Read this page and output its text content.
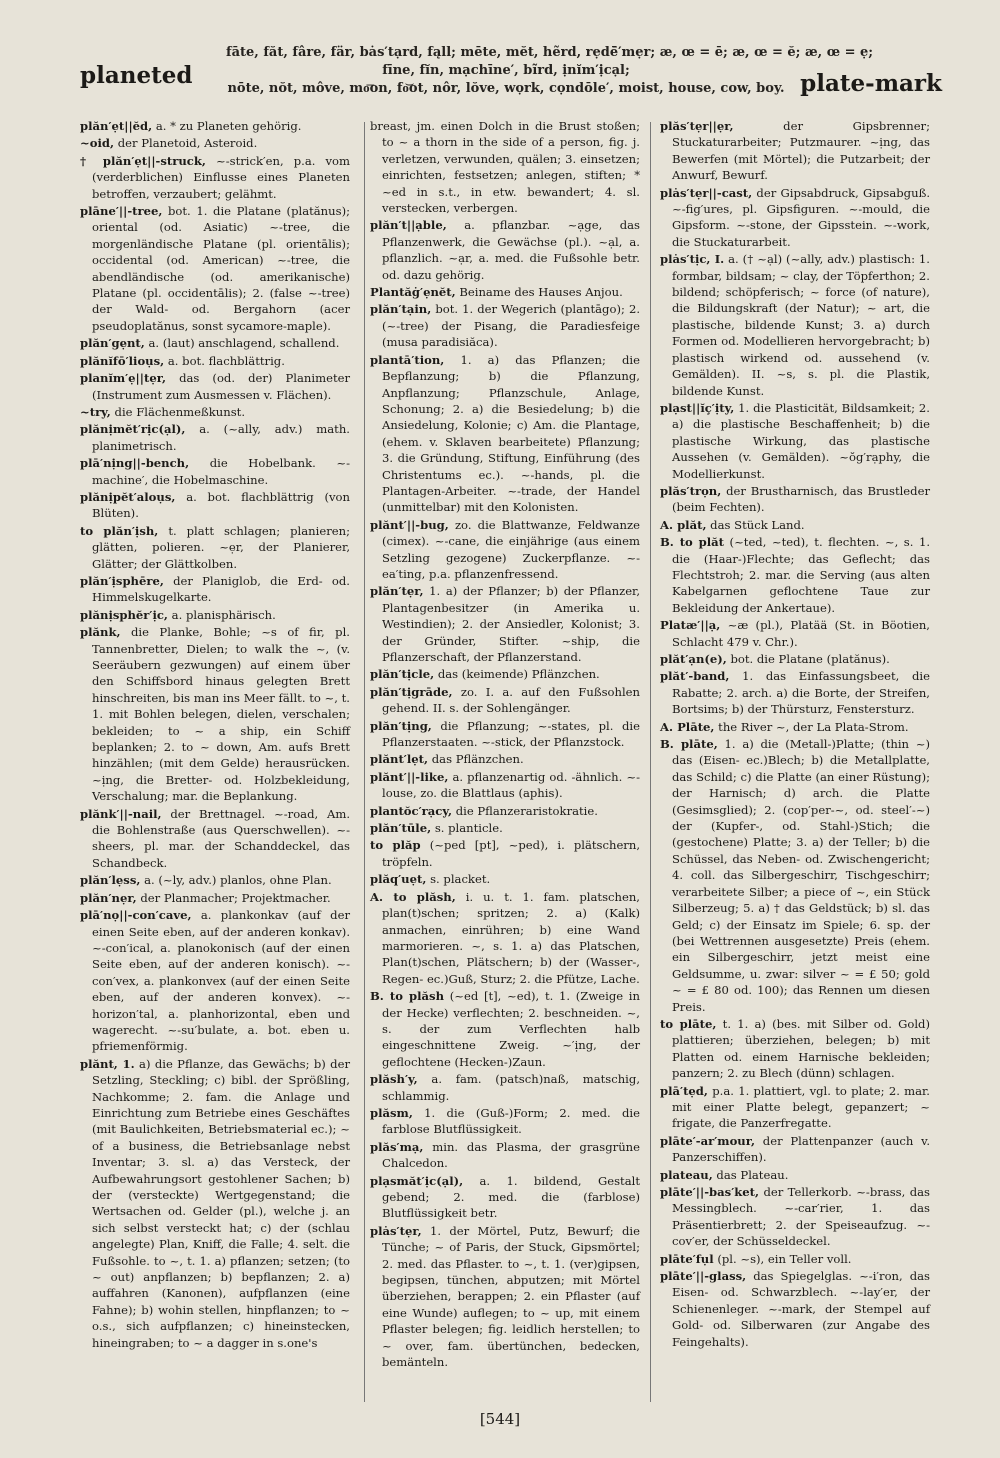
planeted
fāte, făt, fâre, fär, bȧs′tạrd, fąll; mēte, mĕt, hẽrd, rẹdē̄′mẹr; æ, œ = ē; æ, œ = ĕ; æ, œ = ẹ;
fīne, fĭn, mạchīne′, bĩrd, ịnĭm′ịcạl;
nōte, nŏt, môve, mo͞on, fo͝ot, nôr, lŏve, wọrk, cọndōle′, moist, house, cow, boy. plate-mark
plăn′ẹt||ĕd, a. * zu Planeten gehörig.
~oid, der Planetoid, Asteroid.
† plăn′ẹt||-struck, ~-strick′en, p.a. vom (verderblichen) Einflusse eines Planeten betroffen, verzaubert; gelähmt.
plāne′||-tree, bot. 1. die Platane (platănus); oriental (od. Asiatic) ~-tree, die morgenländische Platane (pl. orientālis); occidental (od. American) ~-tree, die abendländische (od. amerikanische) Platane (pl. occidentālis); 2. (false ~-tree) der Wald- od. Bergahorn (acer pseudoplatănus, sonst sycamore-maple).
plăn′gẹnt, a. (laut) anschlagend, schallend.
plănĭfō′lioụs, a. bot. flachblättrig.
planĭm′ẹ||tẹr, das (od. der) Planimeter (Instrument zum Ausmessen v. Flächen).
~try, die Flächenmeßkunst.
plănịmĕt′rịc(ạl), a. (~ally, adv.) math. planimetrisch.
plā′nịng||-bench, die Hobelbank. ~-machine′, die Hobelmaschine.
plănịpĕt′aloụs, a. bot. flachblättrig (von Blüten).
to plăn′ịsh, t. platt schlagen; planieren; glätten, polieren. ~ẹr, der Planierer, Glätter; der Glättkolben.
plăn′ịsphēre, der Planiglob, die Erd- od. Himmelskugelkarte.
plănịsphĕr′ịc, a. planisphärisch.
plănk, die Planke, Bohle; ~s of fir, pl. Tannenbretter, Dielen; to walk the ~, (v. Seeräubern gezwungen) auf einem über den Schiffsbord hinaus gelegten Brett hinschreiten, bis man ins Meer fällt. to ~, t. 1. mit Bohlen belegen, dielen, verschalen; bekleiden; to ~ a ship, ein Schiff beplanken; 2. to ~ down, Am. aufs Brett hinzählen; (mit dem Gelde) herausrücken. ~ịng, die Bretter- od. Holzbekleidung, Verschalung; mar. die Beplankung.
plănk′||-nail, der Brettnagel. ~-road, Am. die Bohlenstraße (aus Querschwellen). ~-sheers, pl. mar. der Schanddeckel, das Schandbeck.
plăn′lẹss, a. (~ly, adv.) planlos, ohne Plan.
plăn′nẹr, der Planmacher; Projektmacher.
plā′nọ||-con′cave, a. plankonkav (auf der einen Seite eben, auf der anderen konkav). ~-con′ical, a. planokonisch (auf der einen Seite eben, auf der anderen konisch). ~-con′vex, a. plankonvex (auf der einen Seite eben, auf der anderen konvex). ~-horizon′tal, a. planhorizontal, eben und wagerecht. ~-su′bulate, a. bot. eben u. pfriemenförmig.
plănt, 1. a) die Pflanze, das Gewächs; b) der Setzling, Steckling; c) bibl. der Sprößling, Nachkomme; 2. fam. die Anlage und Einrichtung zum Betriebe eines Geschäftes (mit Baulichkeiten, Betriebsmaterial ec.); ~ of a business, die Betriebsanlage nebst Inventar; 3. sl. a) das Versteck, der Aufbewahrungsort gestohlener Sachen; b) der (versteckte) Wertgegenstand; die Wertsachen od. Gelder (pl.), welche j. an sich selbst versteckt hat; c) der (schlau angelegte) Plan, Kniff, die Falle; 4. selt. die Fußsohle. to ~, t. 1. a) pflanzen; setzen; (to ~ out) anpflanzen; b) bepflanzen; 2. a) auffahren (Kanonen), aufpflanzen (eine Fahne); b) wohin stellen, hinpflanzen; to ~ o.s., sich aufpflanzen; c) hineinstecken, hineingraben; to ~ a dagger in s.one's
breast, jm. einen Dolch in die Brust stoßen; to ~ a thorn in the side of a person, fig. j. verletzen, verwunden, quälen; 3. einsetzen; einrichten, festsetzen; anlegen, stiften; * ~ed in s.t., in etw. bewandert; 4. sl. verstecken, verbergen.
plăn′t||ạble, a. pflanzbar. ~ạge, das Pflanzenwerk, die Gewächse (pl.). ~ạl, a. pflanzlich. ~ạr, a. med. die Fußsohle betr. od. dazu gehörig.
Plantăġ′ẹnĕt, Beiname des Hauses Anjou.
plăn′tạin, bot. 1. der Wegerich (plantāgo); 2. (~-tree) der Pisang, die Paradiesfeige (musa paradisiăca).
plantā′tion, 1. a) das Pflanzen; die Bepflanzung; b) die Pflanzung, Anpflanzung; Pflanzschule, Anlage, Schonung; 2. a) die Besiedelung; b) die Ansiedelung, Kolonie; c) Am. die Plantage, (ehem. v. Sklaven bearbeitete) Pflanzung; 3. die Gründung, Stiftung, Einführung (des Christentums ec.). ~-hands, pl. die Plantagen-Arbeiter. ~-trade, der Handel (unmittelbar) mit den Kolonisten.
plănt′||-bug, zo. die Blattwanze, Feldwanze (cimex). ~-cane, die einjährige (aus einem Setzling gezogene) Zuckerpflanze. ~-ea′ting, p.a. pflanzenfressend.
plăn′tẹr, 1. a) der Pflanzer; b) der Pflanzer, Plantagenbesitzer (in Amerika u. Westindien); 2. der Ansiedler, Kolonist; 3. der Gründer, Stifter. ~shịp, die Pflanzerschaft, der Pflanzerstand.
plăn′tịcle, das (keimende) Pflänzchen.
plăn′tịgrāde, zo. I. a. auf den Fußsohlen gehend. II. s. der Sohlengänger.
plăn′tịng, die Pflanzung; ~-states, pl. die Pflanzerstaaten. ~-stick, der Pflanzstock.
plănt′lẹt, das Pflänzchen.
plănt′||-like, a. pflanzenartig od. -ähnlich. ~-louse, zo. die Blattlaus (aphis).
plantŏc′rạcy, die Pflanzeraristokratie.
plăn′tūle, s. planticle.
to plăp (~ped [pt], ~ped), i. plätschern, tröpfeln.
plăq′uẹt, s. placket.
A. to plăsh, i. u. t. 1. fam. platschen, plan(t)schen; spritzen; 2. a) (Kalk) anmachen, einrühren; b) eine Wand marmorieren. ~, s. 1. a) das Platschen, Plan(t)schen, Plätschern; b) der (Wasser-, Regen- ec.)Guß, Sturz; 2. die Pfütze, Lache.
B. to plăsh (~ed [t], ~ed), t. 1. (Zweige in der Hecke) verflechten; 2. beschneiden. ~, s. der zum Verflechten halb eingeschnittene Zweig. ~′ịng, der geflochtene (Hecken-)Zaun.
plăsh′y, a. fam. (patsch)naß, matschig, schlammig.
plăsm, 1. die (Guß-)Form; 2. med. die farblose Blutflüssigkeit.
plăs′mạ, min. das Plasma, der grasgrüne Chalcedon.
plạsmăt′ịc(ạl), a. 1. bildend, Gestalt gebend; 2. med. die (farblose) Blutflüssigkeit betr.
plȧs′tẹr, 1. der Mörtel, Putz, Bewurf; die Tünche; ~ of Paris, der Stuck, Gipsmörtel; 2. med. das Pflaster. to ~, t. 1. (ver)gipsen, begipsen, tünchen, abputzen; mit Mörtel überziehen, berappen; 2. ein Pflaster (auf eine Wunde) auflegen; to ~ up, mit einem Pflaster belegen; fig. leidlich herstellen; to ~ over, fam. übertünchen, bedecken, bemänteln.
plăs′tẹr||ẹr,	der Gipsbrenner; Stuckaturarbeiter; Putzmaurer. ~ịng, das Bewerfen (mit Mörtel); die Putzarbeit; der Anwurf, Bewurf.
plȧs′tẹr||-cast, der Gipsabdruck, Gipsabguß. ~-fig′ures, pl. Gipsfiguren. ~-mould, die Gipsform. ~-stone, der Gipsstein. ~-work, die Stuckaturarbeit.
plȧs′tịc, I. a. († ~ạl) (~ally, adv.) plastisch: 1. formbar, bildsam; ~ clay, der Töpferthon; 2. bildend; schöpferisch; ~ force (of nature), die Bildungskraft (der Natur); ~ art, die plastische, bildende Kunst; 3. a) durch Formen od. Modellieren hervorgebracht; b) plastisch wirkend od. aussehend (v. Gemälden). II. ~s, s. pl. die Plastik, bildende Kunst.
plạst||ĭç′ịty, 1. die Plasticität, Bildsamkeit; 2. a) die plastische Beschaffenheit; b) die plastische Wirkung, das plastische Aussehen (v. Gemälden). ~ŏg′rạphy, die Modellierkunst.
plăs′trọn, der Brustharnisch, das Brustleder (beim Fechten).
A. plăt, das Stück Land.
B. to plăt (~ted, ~ted), t. flechten. ~, s. 1. die (Haar-)Flechte; das Geflecht; das Flechtstroh; 2. mar. die Serving (aus alten Kabelgarnen geflochtene Taue zur Bekleidung der Ankertaue).
Platæ′||ạ, ~æ (pl.), Platää (St. in Böotien, Schlacht 479 v. Chr.).
plăt′ạn(e), bot. die Platane (platănus).
plăt′-band, 1. das Einfassungsbeet, die Rabatte; 2. arch. a) die Borte, der Streifen, Bortsims; b) der Thürsturz, Fenstersturz.
A. Plāte, the River ~, der La Plata-Strom.
B. plāte, 1. a) die (Metall-)Platte; (thin ~) das (Eisen- ec.)Blech; b) die Metallplatte, das Schild; c) die Platte (an einer Rüstung); der Harnisch; d) arch. die Platte (Gesimsglied); 2. (cop′per-~, od. steel′-~) der (Kupfer-, od. Stahl-)Stich; die (gestochene) Platte; 3. a) der Teller; b) die Schüssel, das Neben- od. Zwischengericht; 4. coll. das Silbergeschirr, Tischgeschirr; verarbeitete Silber; a piece of ~, ein Stück Silberzeug; 5. a) † das Geldstück; b) sl. das Geld; c) der Einsatz im Spiele; 6. sp. der (bei Wettrennen ausgesetzte) Preis (ehem. ein Silbergeschirr, jetzt meist eine Geldsumme, u. zwar: silver ~ = £ 50; gold ~ = £ 80 od. 100); das Rennen um diesen Preis.
to plāte, t. 1. a) (bes. mit Silber od. Gold) plattieren; überziehen, belegen; b) mit Platten od. einem Harnische bekleiden; panzern; 2. zu Blech (dünn) schlagen.
plā′tẹd, p.a. 1. plattiert, vgl. to plate; 2. mar. mit einer Platte belegt, gepanzert; ~ frigate, die Panzerfregatte.
plāte′-ar′mour, der Plattenpanzer (auch v. Panzerschiffen).
plateau, das Plateau.
plāte′||-bas′ket, der Tellerkorb. ~-brass, das Messingblech. ~-car′rier, 1. das Präsentierbrett; 2. der Speiseaufzug. ~-cov′er, der Schüsseldeckel.
plāte′fụl (pl. ~s), ein Teller voll.
plāte′||-glass, das Spiegelglas. ~-i′ron, das Eisen- od. Schwarzblech. ~-lay′er, der Schienenleger. ~-mark, der Stempel auf Gold- od. Silberwaren (zur Angabe des Feingehalts).
[544]
